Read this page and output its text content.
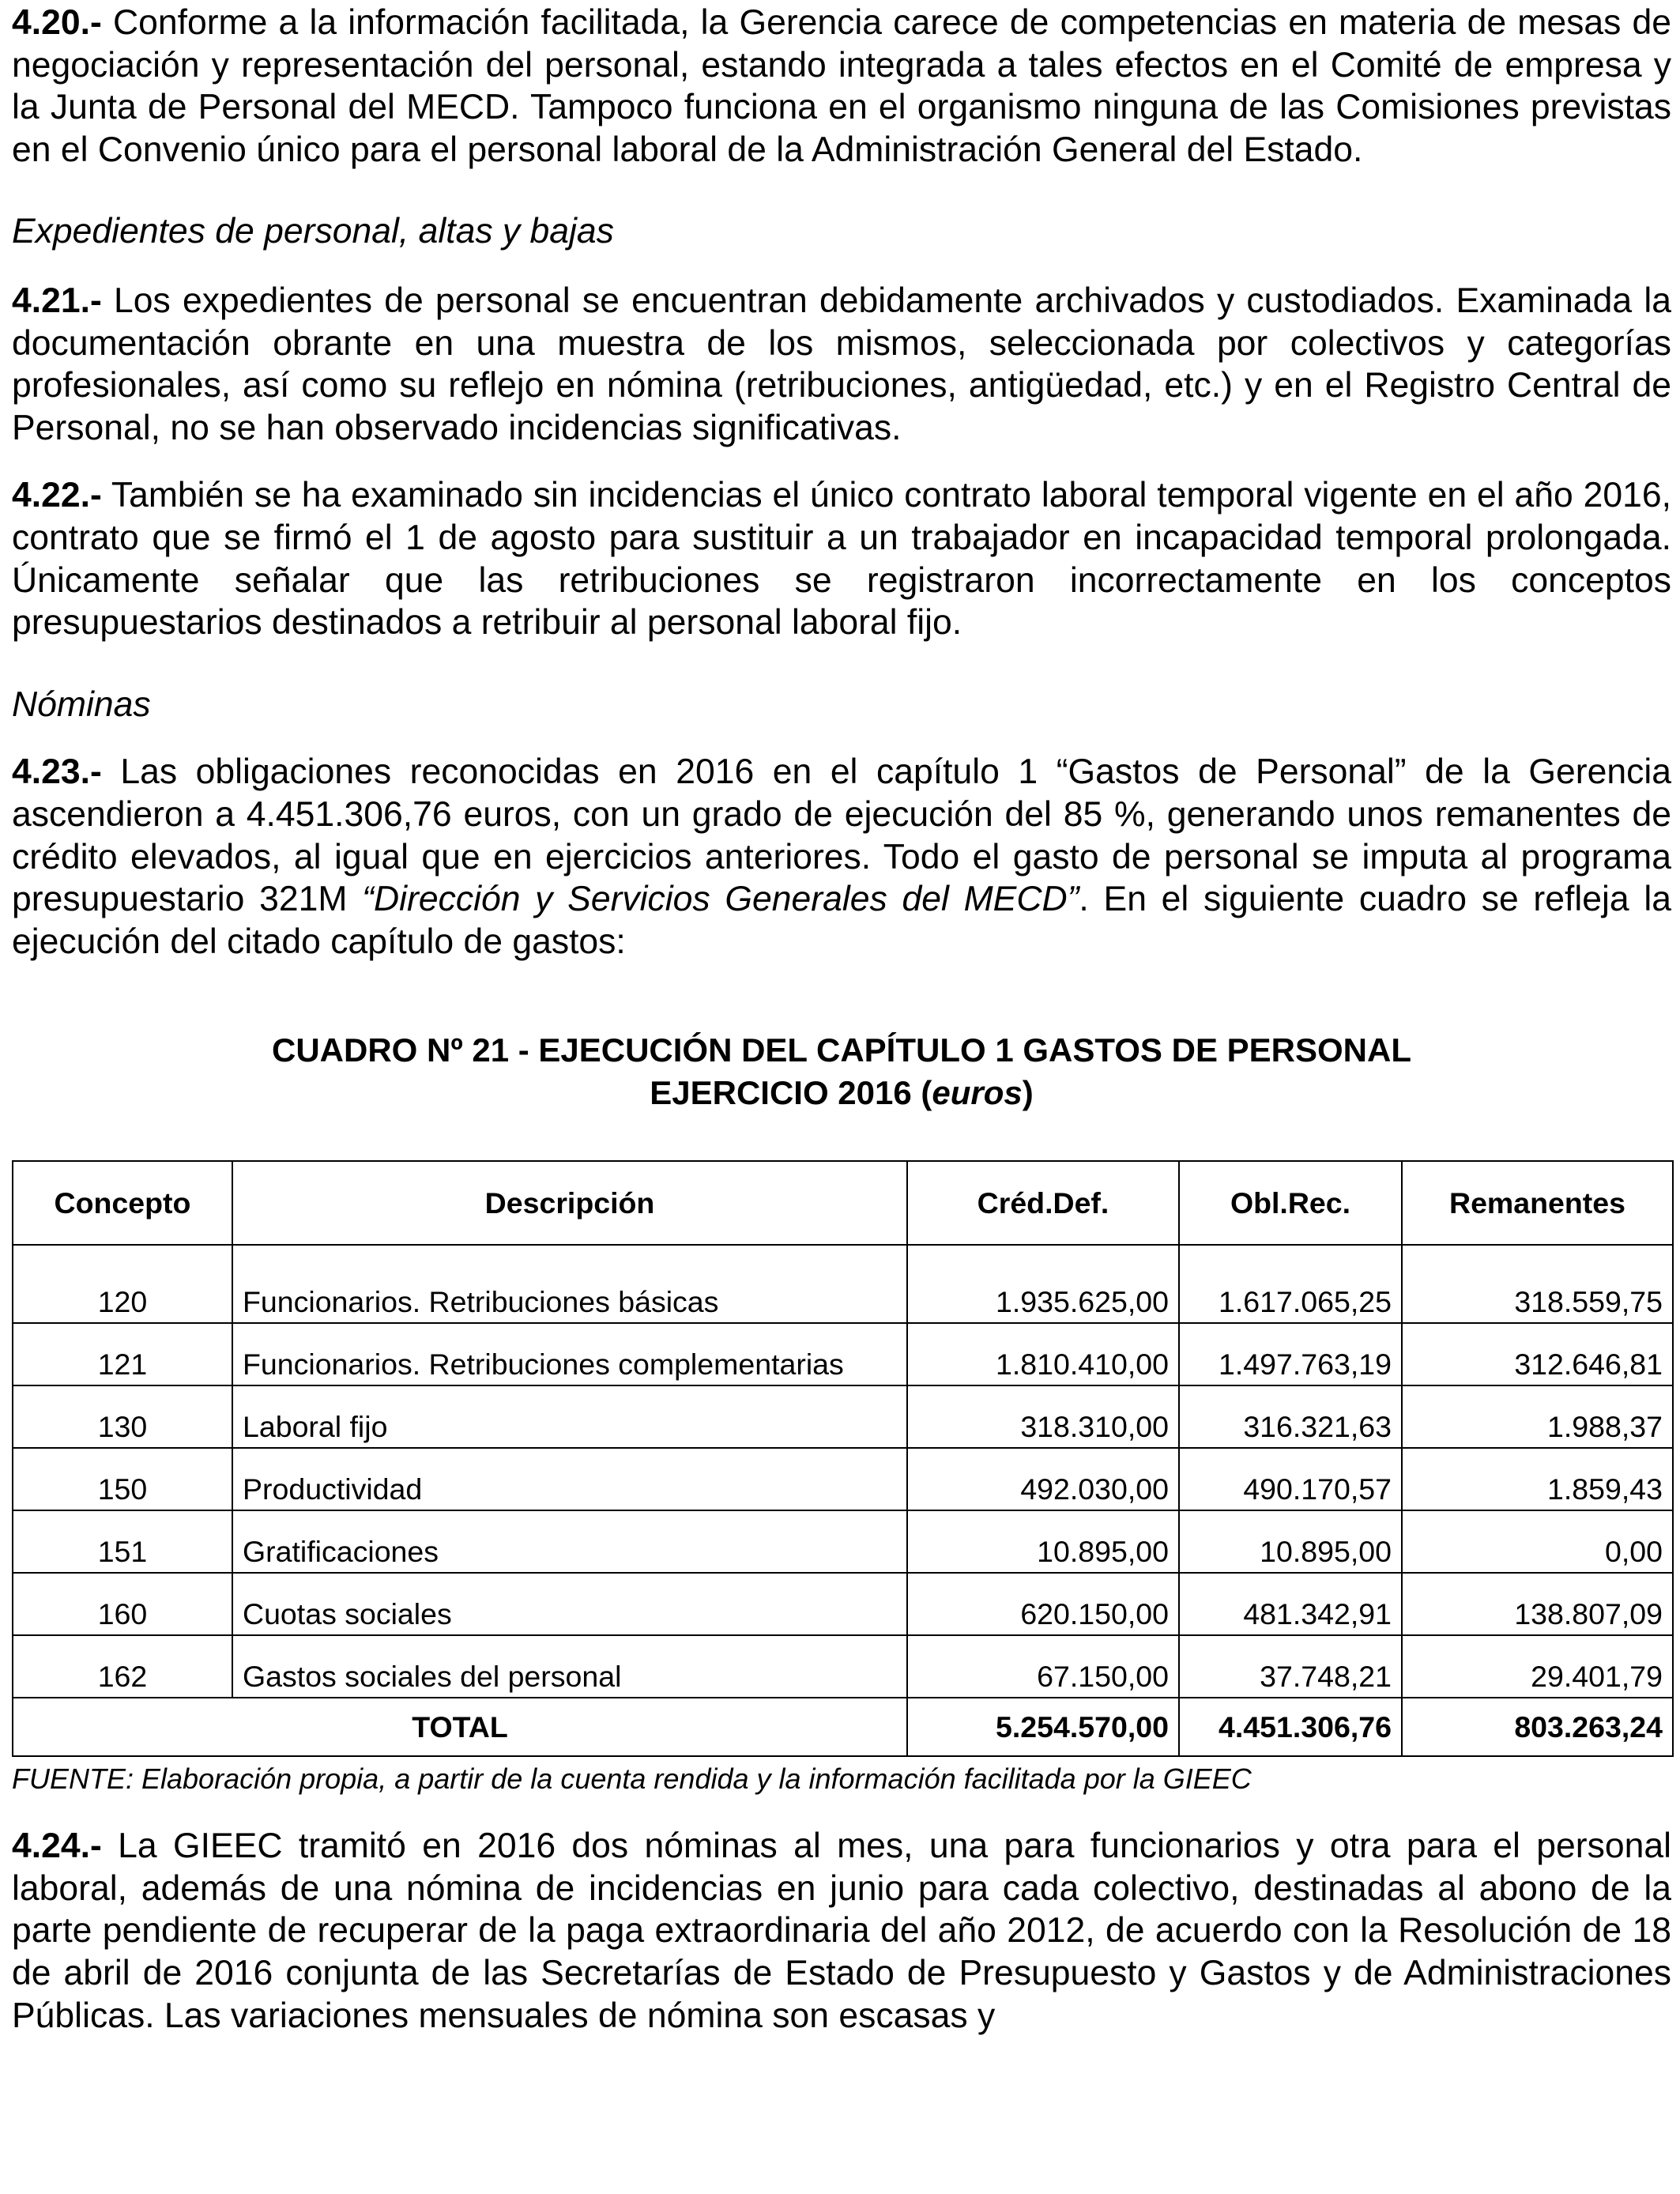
4.20.- Conforme a la información facilitada, la Gerencia carece de competencias en materia de mesas de negociación y representación del personal, estando integrada a tales efectos en el Comité de empresa y la Junta de Personal del MECD. Tampoco funciona en el organismo ninguna de las Comisiones previstas en el Convenio único para el personal laboral de la Administración General del Estado.

Expedientes de personal, altas y bajas

4.21.- Los expedientes de personal se encuentran debidamente archivados y custodiados. Examinada la documentación obrante en una muestra de los mismos, seleccionada por colectivos y categorías profesionales, así como su reflejo en nómina (retribuciones, antigüedad, etc.) y en el Registro Central de Personal, no se han observado incidencias significativas.

4.22.- También se ha examinado sin incidencias el único contrato laboral temporal vigente en el año 2016, contrato que se firmó el 1 de agosto para sustituir a un trabajador en incapacidad temporal prolongada. Únicamente señalar que las retribuciones se registraron incorrectamente en los conceptos presupuestarios destinados a retribuir al personal laboral fijo.

Nóminas

4.23.- Las obligaciones reconocidas en 2016 en el capítulo 1 “Gastos de Personal” de la Gerencia ascendieron a 4.451.306,76 euros, con un grado de ejecución del 85 %, generando unos remanentes de crédito elevados, al igual que en ejercicios anteriores. Todo el gasto de personal se imputa al programa presupuestario 321M “Dirección y Servicios Generales del MECD”. En el siguiente cuadro se refleja la ejecución del citado capítulo de gastos:

CUADRO Nº 21 - EJECUCIÓN DEL CAPÍTULO 1 GASTOS DE PERSONAL

EJERCICIO 2016 (euros)

Concepto	Descripción	Créd.Def.	Obl.Rec.	Remanentes
120	Funcionarios. Retribuciones básicas	1.935.625,00	1.617.065,25	318.559,75
121	Funcionarios. Retribuciones complementarias	1.810.410,00	1.497.763,19	312.646,81
130	Laboral fijo	318.310,00	316.321,63	1.988,37
150	Productividad	492.030,00	490.170,57	1.859,43
151	Gratificaciones	10.895,00	10.895,00	0,00
160	Cuotas sociales	620.150,00	481.342,91	138.807,09
162	Gastos sociales del personal	67.150,00	37.748,21	29.401,79
TOTAL		5.254.570,00	4.451.306,76	803.263,24

FUENTE: Elaboración propia, a partir de la cuenta rendida y la información facilitada por la GIEEC

4.24.- La GIEEC tramitó en 2016 dos nóminas al mes, una para funcionarios y otra para el personal laboral, además de una nómina de incidencias en junio para cada colectivo, destinadas al abono de la parte pendiente de recuperar de la paga extraordinaria del año 2012, de acuerdo con la Resolución de 18 de abril de 2016 conjunta de las Secretarías de Estado de Presupuesto y Gastos y de Administraciones Públicas. Las variaciones mensuales de nómina son escasas y
